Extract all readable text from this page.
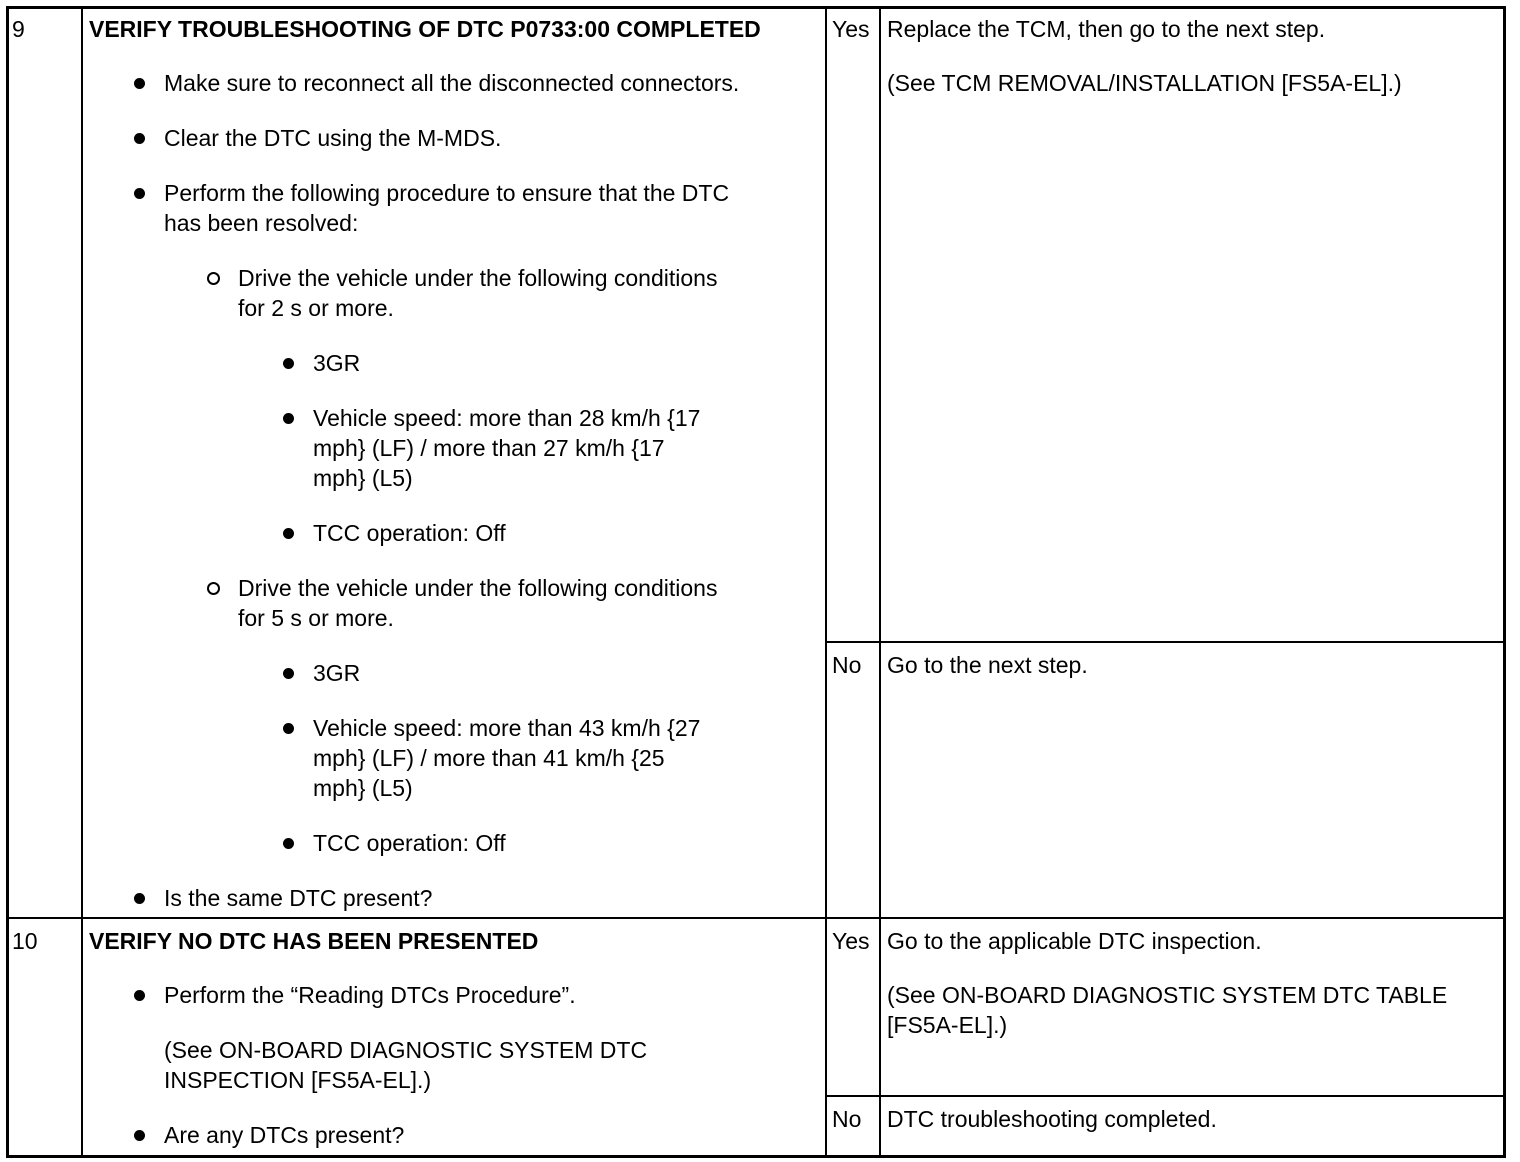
9	VERIFY TROUBLESHOOTING OF DTC P0733:00 COMPLETED
Make sure to reconnect all the disconnected connectors.
Clear the DTC using the M-MDS.
Perform the following procedure to ensure that the DTC
has been resolved:
Drive the vehicle under the following conditions
for 2 s or more.
3GR
Vehicle speed: more than 28 km/h {17
mph} (LF) / more than 27 km/h {17
mph} (L5)
TCC operation: Off
Drive the vehicle under the following conditions
for 5 s or more.
3GR
Vehicle speed: more than 43 km/h {27
mph} (LF) / more than 41 km/h {25
mph} (L5)
TCC operation: Off
Is the same DTC present?
Yes Replace the TCM, then go to the next step.
(See TCM REMOVAL/INSTALLATION [FS5A-EL].)
No Go to the next step.
10 VERIFY NO DTC HAS BEEN PRESENTED
Perform the “Reading DTCs Procedure”.
(See ON-BOARD DIAGNOSTIC SYSTEM DTC
INSPECTION [FS5A-EL].)
Are any DTCs present?
Yes Go to the applicable DTC inspection.
(See ON-BOARD DIAGNOSTIC SYSTEM DTC TABLE
[FS5A-EL].)
No DTC troubleshooting completed.
